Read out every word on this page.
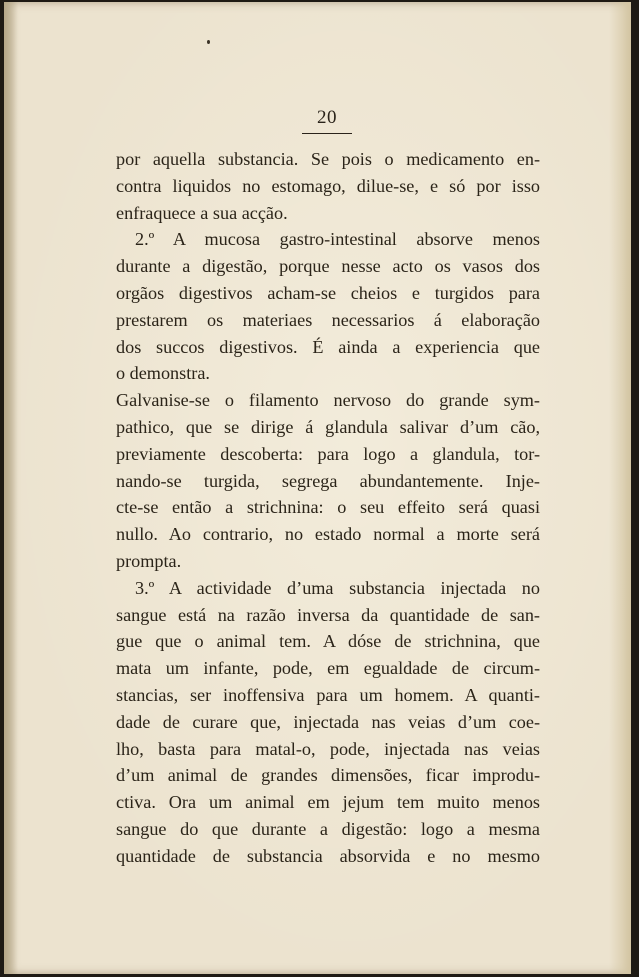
20
por aquella substancia. Se pois o medicamento en-
contra liquidos no estomago, dilue-se, e só por isso
enfraquece a sua acção.
2.º A mucosa gastro-intestinal absorve menos
durante a digestão, porque nesse acto os vasos dos
orgãos digestivos acham-se cheios e turgidos para
prestarem os materiaes necessarios á elaboração
dos succos digestivos. É ainda a experiencia que
o demonstra.
Galvanise-se o filamento nervoso do grande sym-
pathico, que se dirige á glandula salivar d’um cão,
previamente descoberta: para logo a glandula, tor-
nando-se turgida, segrega abundantemente. Inje-
cte-se então a strichnina: o seu effeito será quasi
nullo. Ao contrario, no estado normal a morte será
prompta.
3.º A actividade d’uma substancia injectada no
sangue está na razão inversa da quantidade de san-
gue que o animal tem. A dóse de strichnina, que
mata um infante, pode, em egualdade de circum-
stancias, ser inoffensiva para um homem. A quanti-
dade de curare que, injectada nas veias d’um coe-
lho, basta para matal-o, pode, injectada nas veias
d’um animal de grandes dimensões, ficar improdu-
ctiva. Ora um animal em jejum tem muito menos
sangue do que durante a digestão: logo a mesma
quantidade de substancia absorvida e no mesmo
